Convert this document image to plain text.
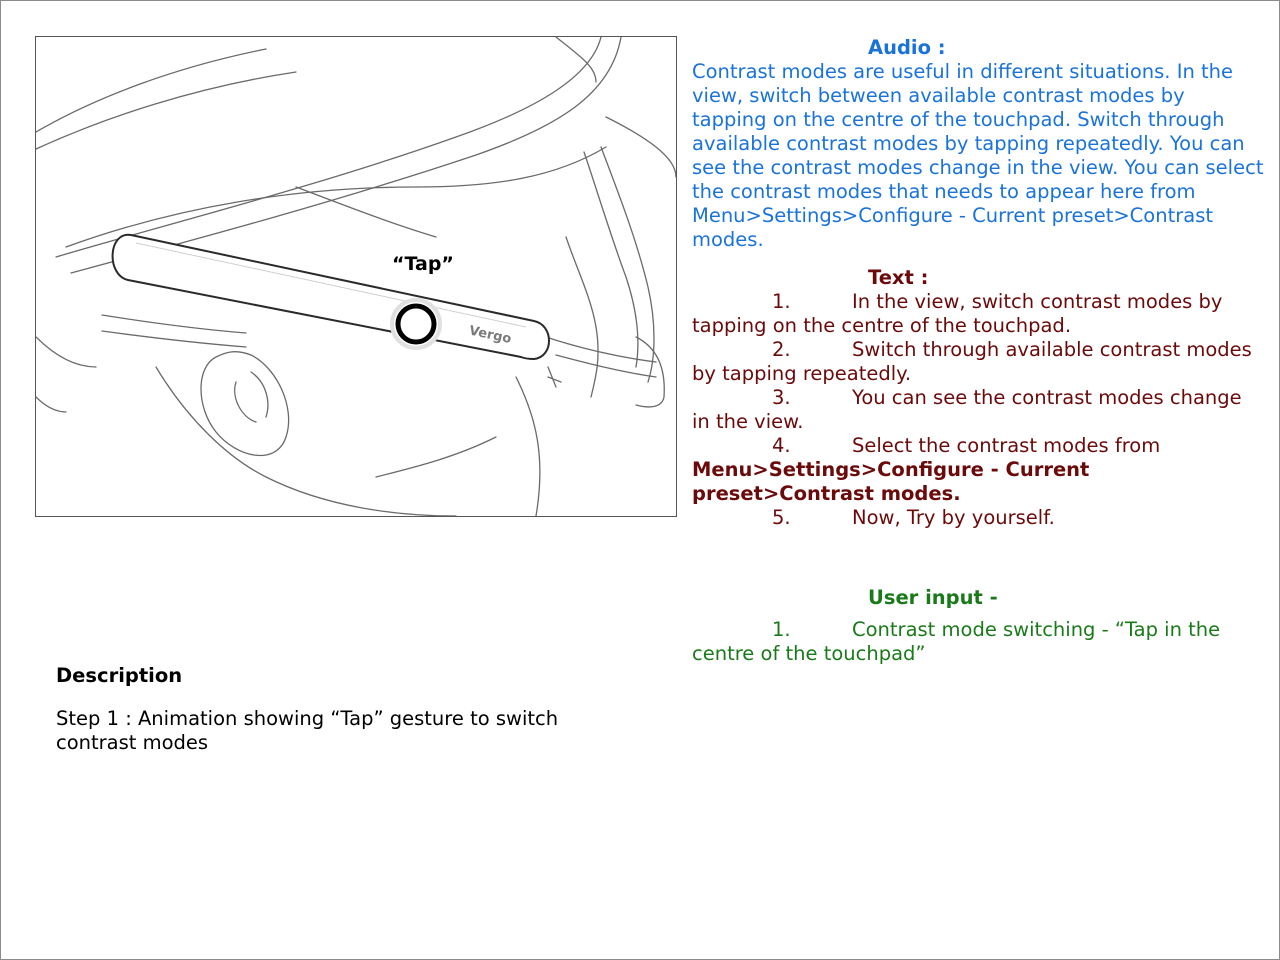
Vergo
“Tap”
Audio :

Contrast modes are useful in different situations. In the view, switch between available contrast modes by tapping on the centre of the touchpad. Switch through available contrast modes by tapping repeatedly. You can see the contrast modes change in the view. You can select the contrast modes that needs to appear here from Menu>Settings>Configure - Current preset>Contrast modes.

Text :

1.	In the view, switch contrast modes by tapping on the centre of the touchpad.

2.	Switch through available contrast modes by tapping repeatedly.

3.	You can see the contrast modes change in the view.

4.	Select the contrast modes from Menu>Settings>Configure - Current preset>Contrast modes.

5.	Now, Try by yourself.

User input -

1.	Contrast mode switching - “Tap in the centre of the touchpad”

Description
Step 1 : Animation showing “Tap” gesture to switch contrast modes
